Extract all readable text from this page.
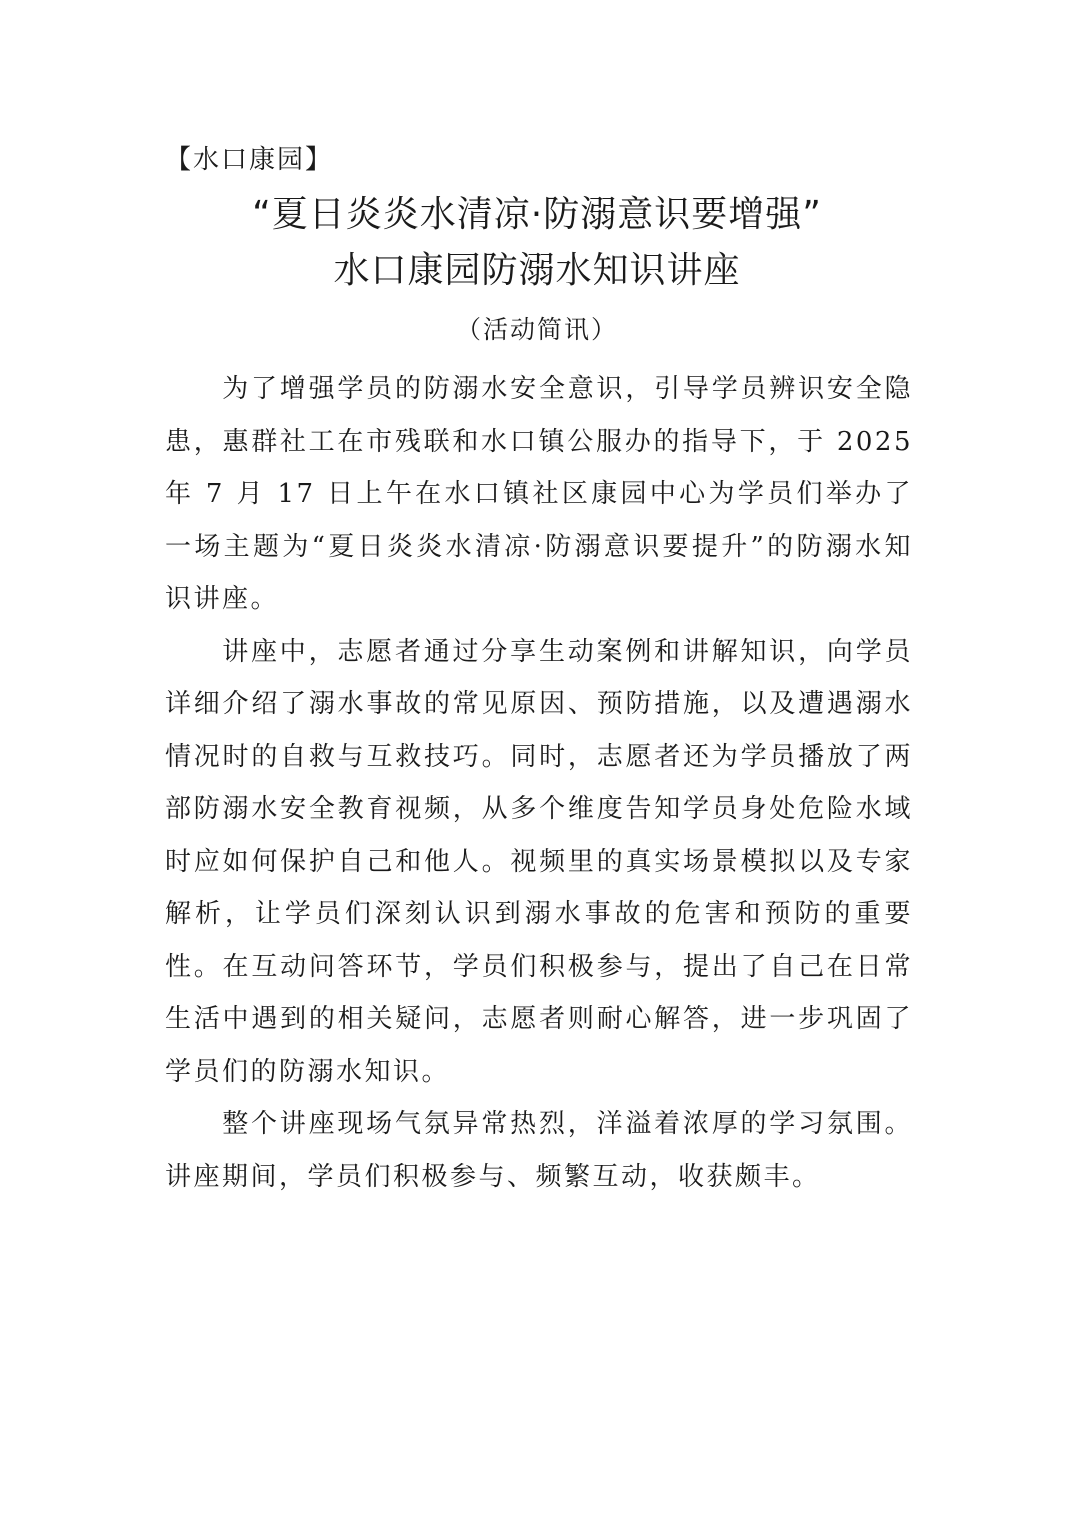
【水口康园】
“夏日炎炎水清凉·防溺意识要增强”
水口康园防溺水知识讲座
（活动简讯）

为了增强学员的防溺水安全意识，引导学员辨识安全隐患，惠群社工在市残联和水口镇公服办的指导下，于 2025 年 7 月 17 日上午在水口镇社区康园中心为学员们举办了一场主题为“夏日炎炎水清凉·防溺意识要提升”的防溺水知识讲座。

讲座中，志愿者通过分享生动案例和讲解知识，向学员详细介绍了溺水事故的常见原因、预防措施，以及遭遇溺水情况时的自救与互救技巧。同时，志愿者还为学员播放了两部防溺水安全教育视频，从多个维度告知学员身处危险水域时应如何保护自己和他人。视频里的真实场景模拟以及专家解析，让学员们深刻认识到溺水事故的危害和预防的重要性。在互动问答环节，学员们积极参与，提出了自己在日常生活中遇到的相关疑问，志愿者则耐心解答，进一步巩固了学员们的防溺水知识。

整个讲座现场气氛异常热烈，洋溢着浓厚的学习氛围。讲座期间，学员们积极参与、频繁互动，收获颇丰。
